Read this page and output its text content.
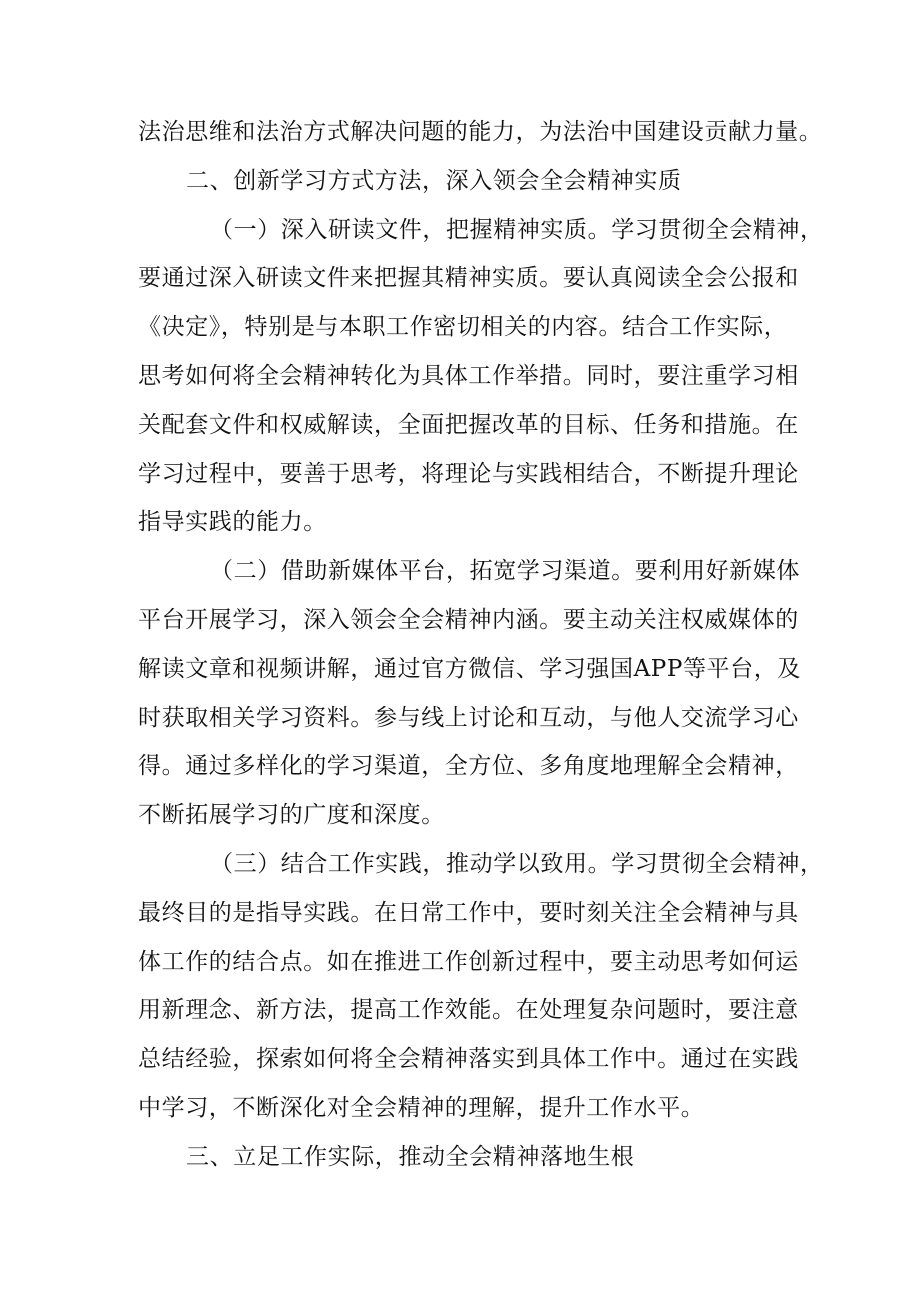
法治思维和法治方式解决问题的能力，为法治中国建设贡献力量。
二、创新学习方式方法，深入领会全会精神实质
（一）深入研读文件，把握精神实质。学习贯彻全会精神，
要通过深入研读文件来把握其精神实质。要认真阅读全会公报和
《决定》，特别是与本职工作密切相关的内容。结合工作实际，
思考如何将全会精神转化为具体工作举措。同时，要注重学习相
关配套文件和权威解读，全面把握改革的目标、任务和措施。在
学习过程中，要善于思考，将理论与实践相结合，不断提升理论
指导实践的能力。
（二）借助新媒体平台，拓宽学习渠道。要利用好新媒体
平台开展学习，深入领会全会精神内涵。要主动关注权威媒体的
解读文章和视频讲解，通过官方微信、学习强国APP等平台，及
时获取相关学习资料。参与线上讨论和互动，与他人交流学习心
得。通过多样化的学习渠道，全方位、多角度地理解全会精神，
不断拓展学习的广度和深度。
（三）结合工作实践，推动学以致用。学习贯彻全会精神，
最终目的是指导实践。在日常工作中，要时刻关注全会精神与具
体工作的结合点。如在推进工作创新过程中，要主动思考如何运
用新理念、新方法，提高工作效能。在处理复杂问题时，要注意
总结经验，探索如何将全会精神落实到具体工作中。通过在实践
中学习，不断深化对全会精神的理解，提升工作水平。
三、立足工作实际，推动全会精神落地生根
